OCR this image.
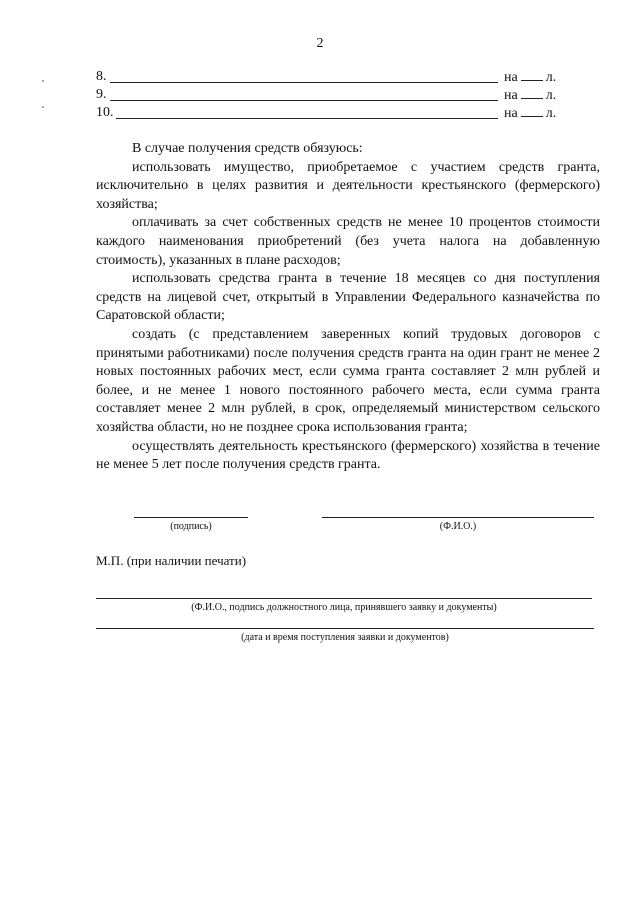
2
8.	на л.
9.	на л.
10.	на л.

В случае получения средств обязуюсь:

использовать имущество, приобретаемое с участием средств гранта, исключительно в целях развития и деятельности крестьянского (фермерского) хозяйства;

оплачивать за счет собственных средств не менее 10 процентов стоимости каждого наименования приобретений (без учета налога на добавленную стоимость), указанных в плане расходов;

использовать средства гранта в течение 18 месяцев со дня поступления средств на лицевой счет, открытый в Управлении Федерального казначейства по Саратовской области;

создать (с представлением заверенных копий трудовых договоров с принятыми работниками) после получения средств гранта на один грант не менее 2 новых постоянных рабочих мест, если сумма гранта составляет 2 млн рублей и более, и не менее 1 нового постоянного рабочего места, если сумма гранта составляет менее 2 млн рублей, в срок, определяемый министерством сельского хозяйства области, но не позднее срока использования гранта;

осуществлять деятельность крестьянского (фермерского) хозяйства в течение не менее 5 лет после получения средств гранта.

(подпись)	(Ф.И.О.)
М.П. (при наличии печати)
(Ф.И.О., подпись должностного лица, принявшего заявку и документы)
(дата и время поступления заявки и документов)
